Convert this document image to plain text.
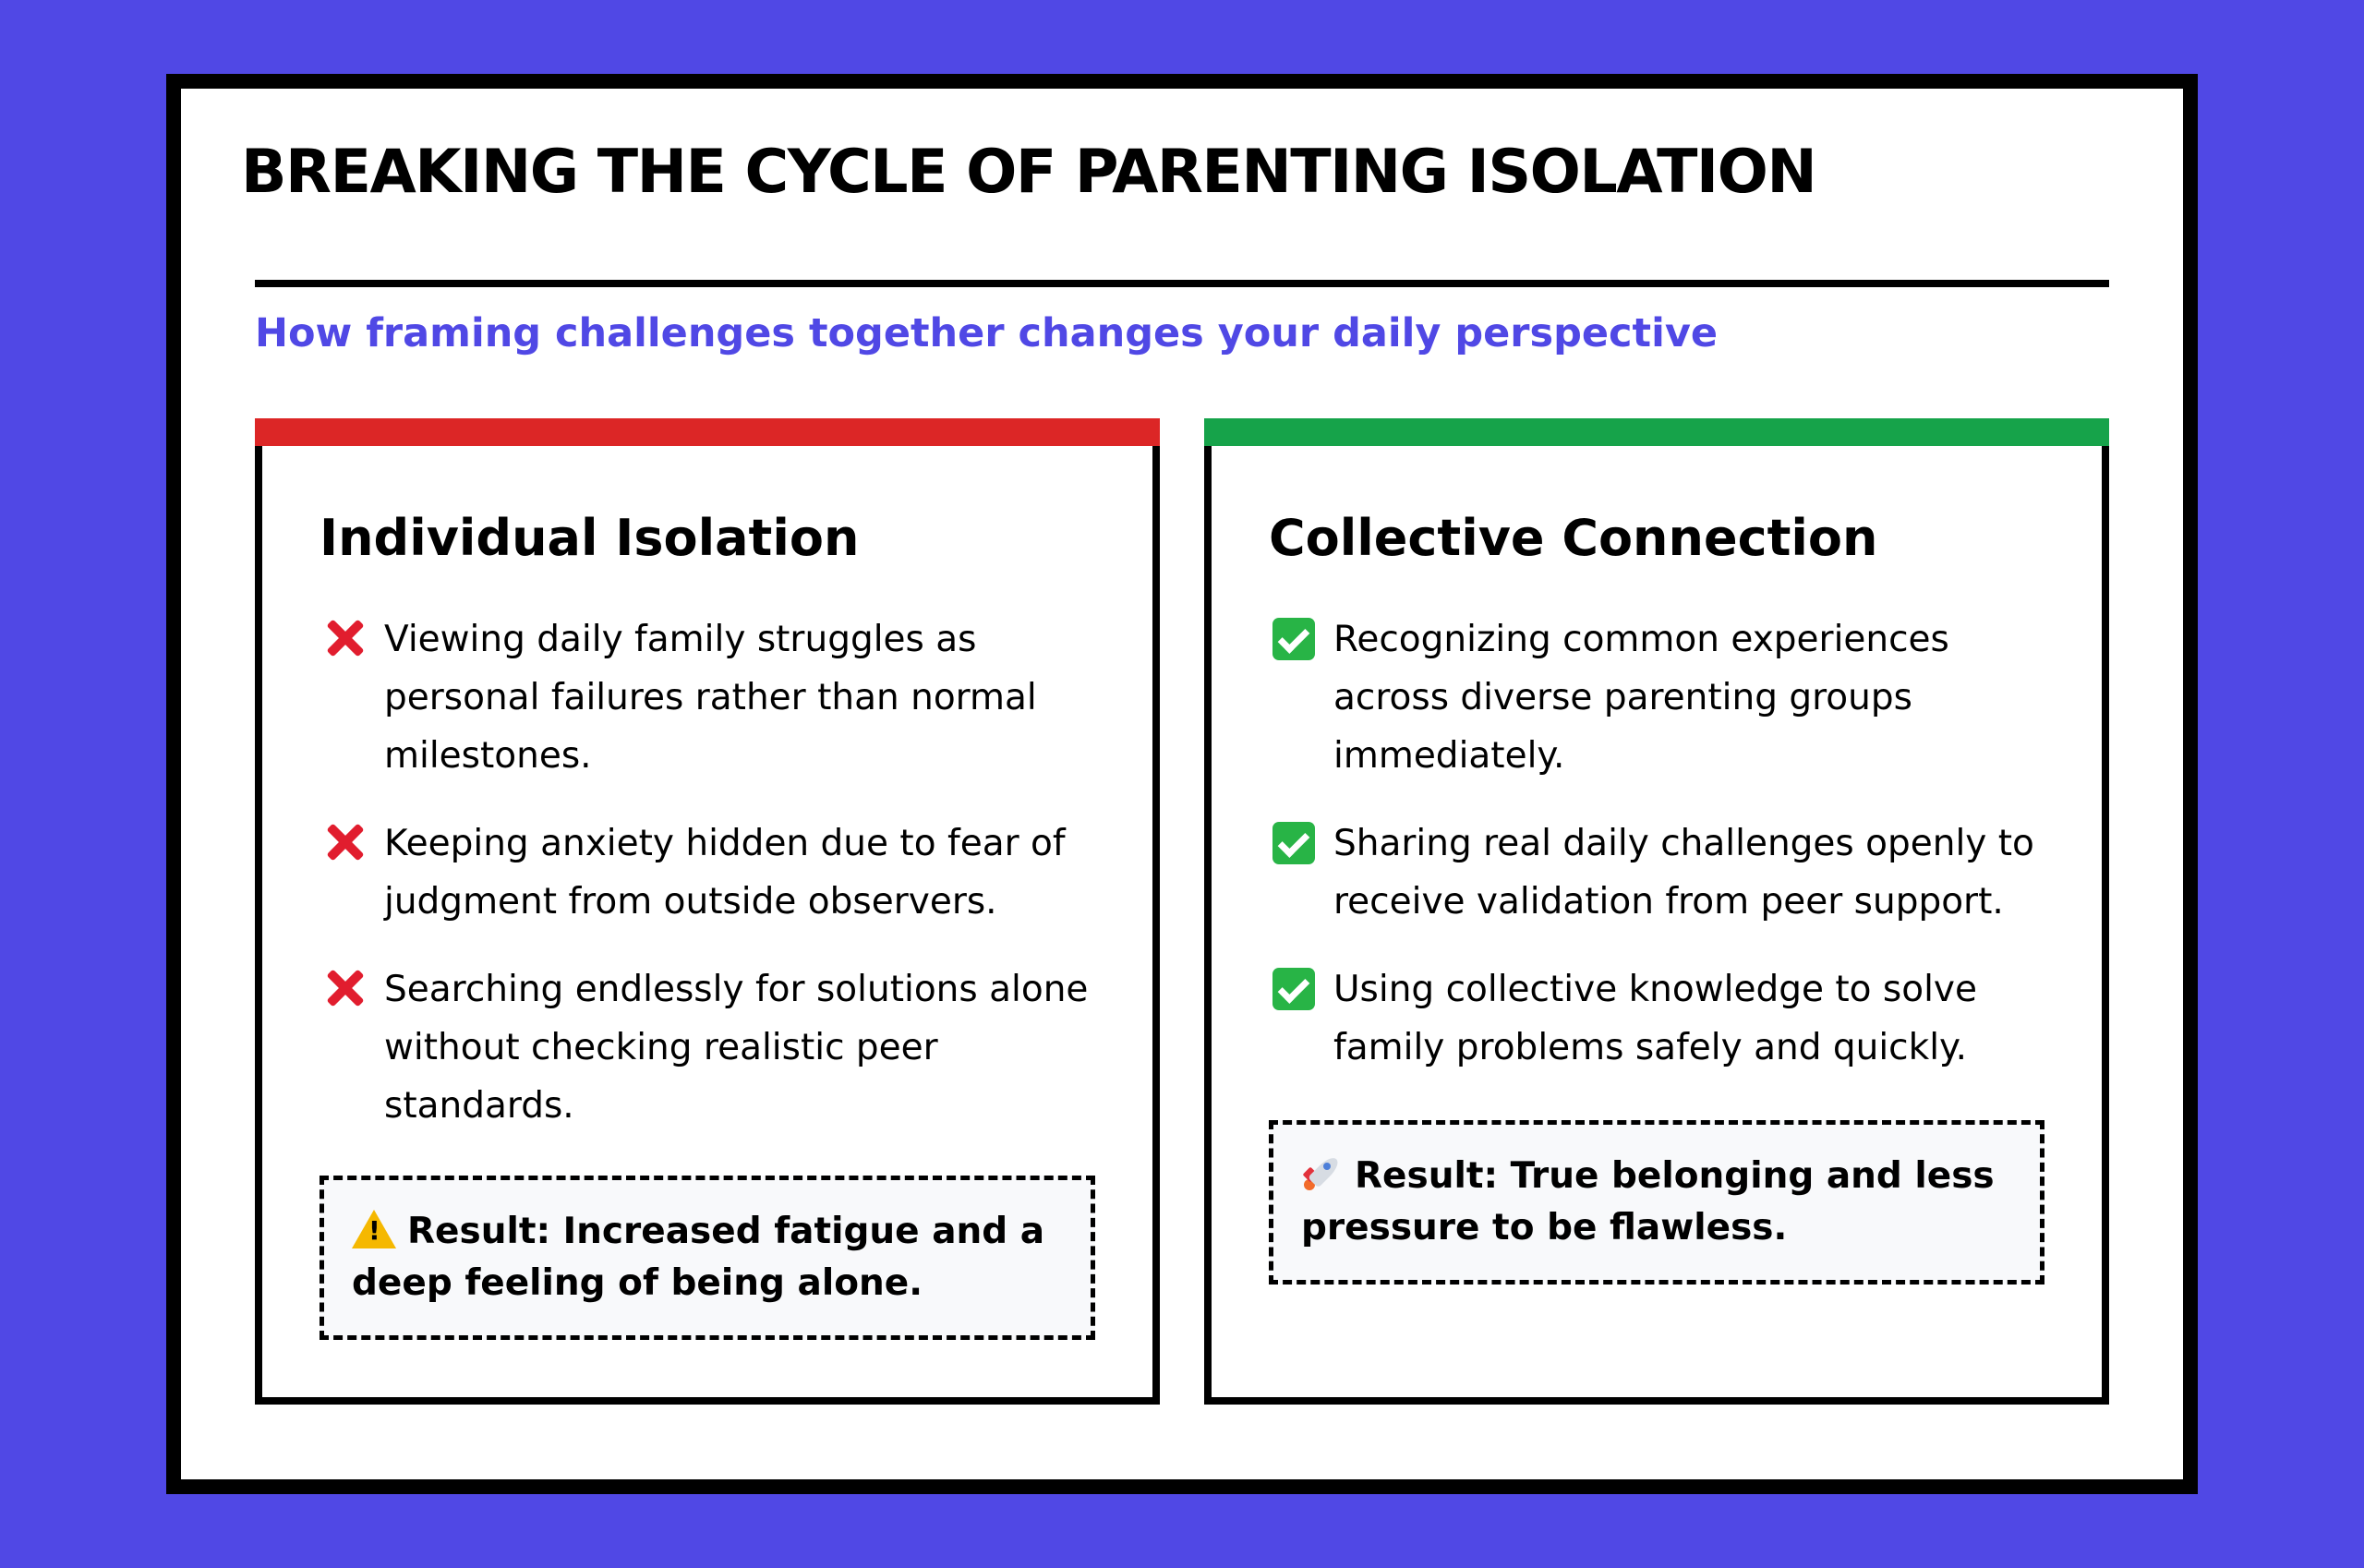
BREAKING THE CYCLE OF PARENTING ISOLATION

How framing challenges together changes your daily perspective

Individual Isolation
Viewing daily family struggles as personal failures rather than normal milestones.
Keeping anxiety hidden due to fear of judgment from outside observers.
Searching endlessly for solutions alone without checking realistic peer standards.
!Result: Increased fatigue and a deep feeling of being alone.
Collective Connection
Recognizing common experiences across diverse parenting groups immediately.
Sharing real daily challenges openly to receive validation from peer support.
Using collective knowledge to solve family problems safely and quickly.
Result: True belonging and less pressure to be flawless.
